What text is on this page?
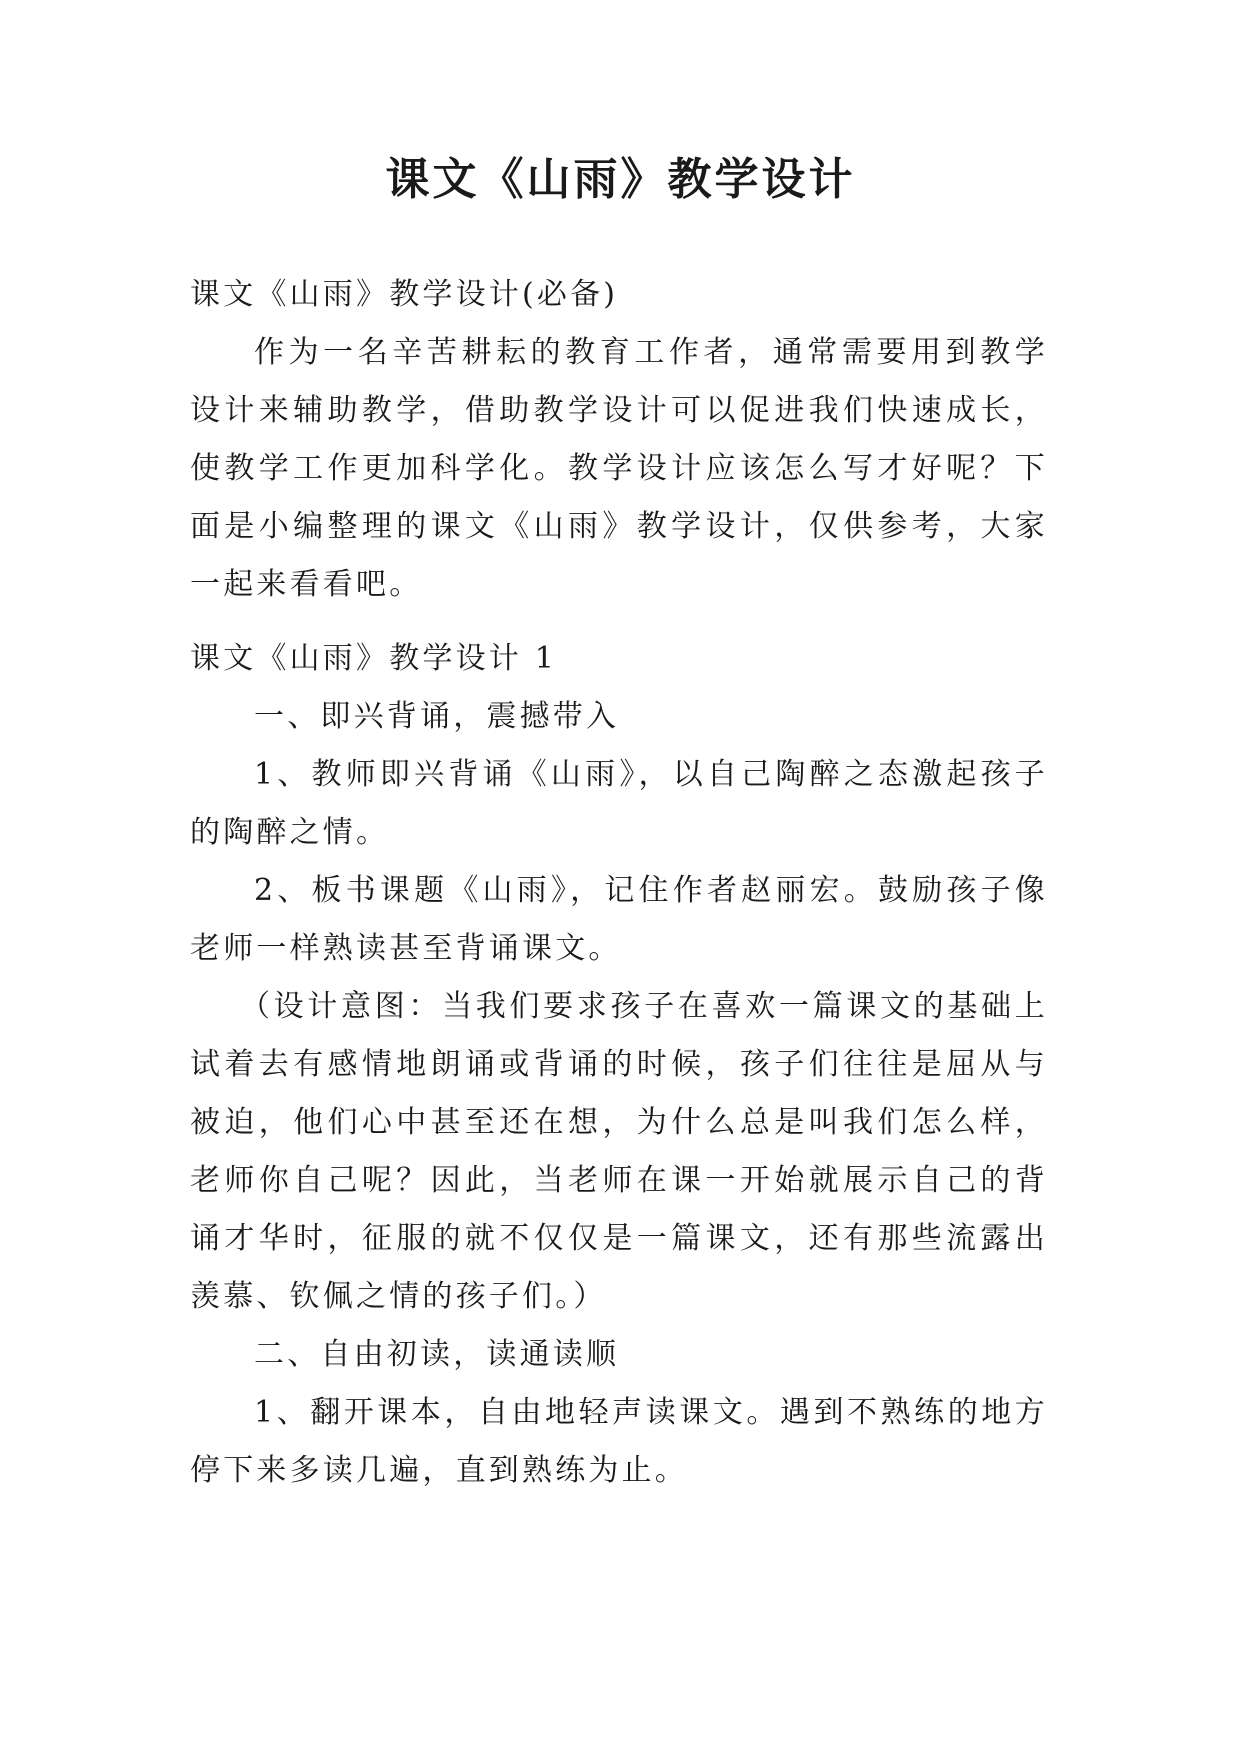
课文《山雨》教学设计

课文《山雨》教学设计(必备)

作为一名辛苦耕耘的教育工作者，通常需要用到教学设计来辅助教学，借助教学设计可以促进我们快速成长，使教学工作更加科学化。教学设计应该怎么写才好呢？下面是小编整理的课文《山雨》教学设计，仅供参考，大家一起来看看吧。

课文《山雨》教学设计 1

一、即兴背诵，震撼带入

1、教师即兴背诵《山雨》，以自己陶醉之态激起孩子的陶醉之情。

2、板书课题《山雨》，记住作者赵丽宏。鼓励孩子像老师一样熟读甚至背诵课文。

（设计意图：当我们要求孩子在喜欢一篇课文的基础上试着去有感情地朗诵或背诵的时候，孩子们往往是屈从与被迫，他们心中甚至还在想，为什么总是叫我们怎么样，老师你自己呢？因此，当老师在课一开始就展示自己的背诵才华时，征服的就不仅仅是一篇课文，还有那些流露出羡慕、钦佩之情的孩子们。）

二、自由初读，读通读顺

1、翻开课本，自由地轻声读课文。遇到不熟练的地方停下来多读几遍，直到熟练为止。
